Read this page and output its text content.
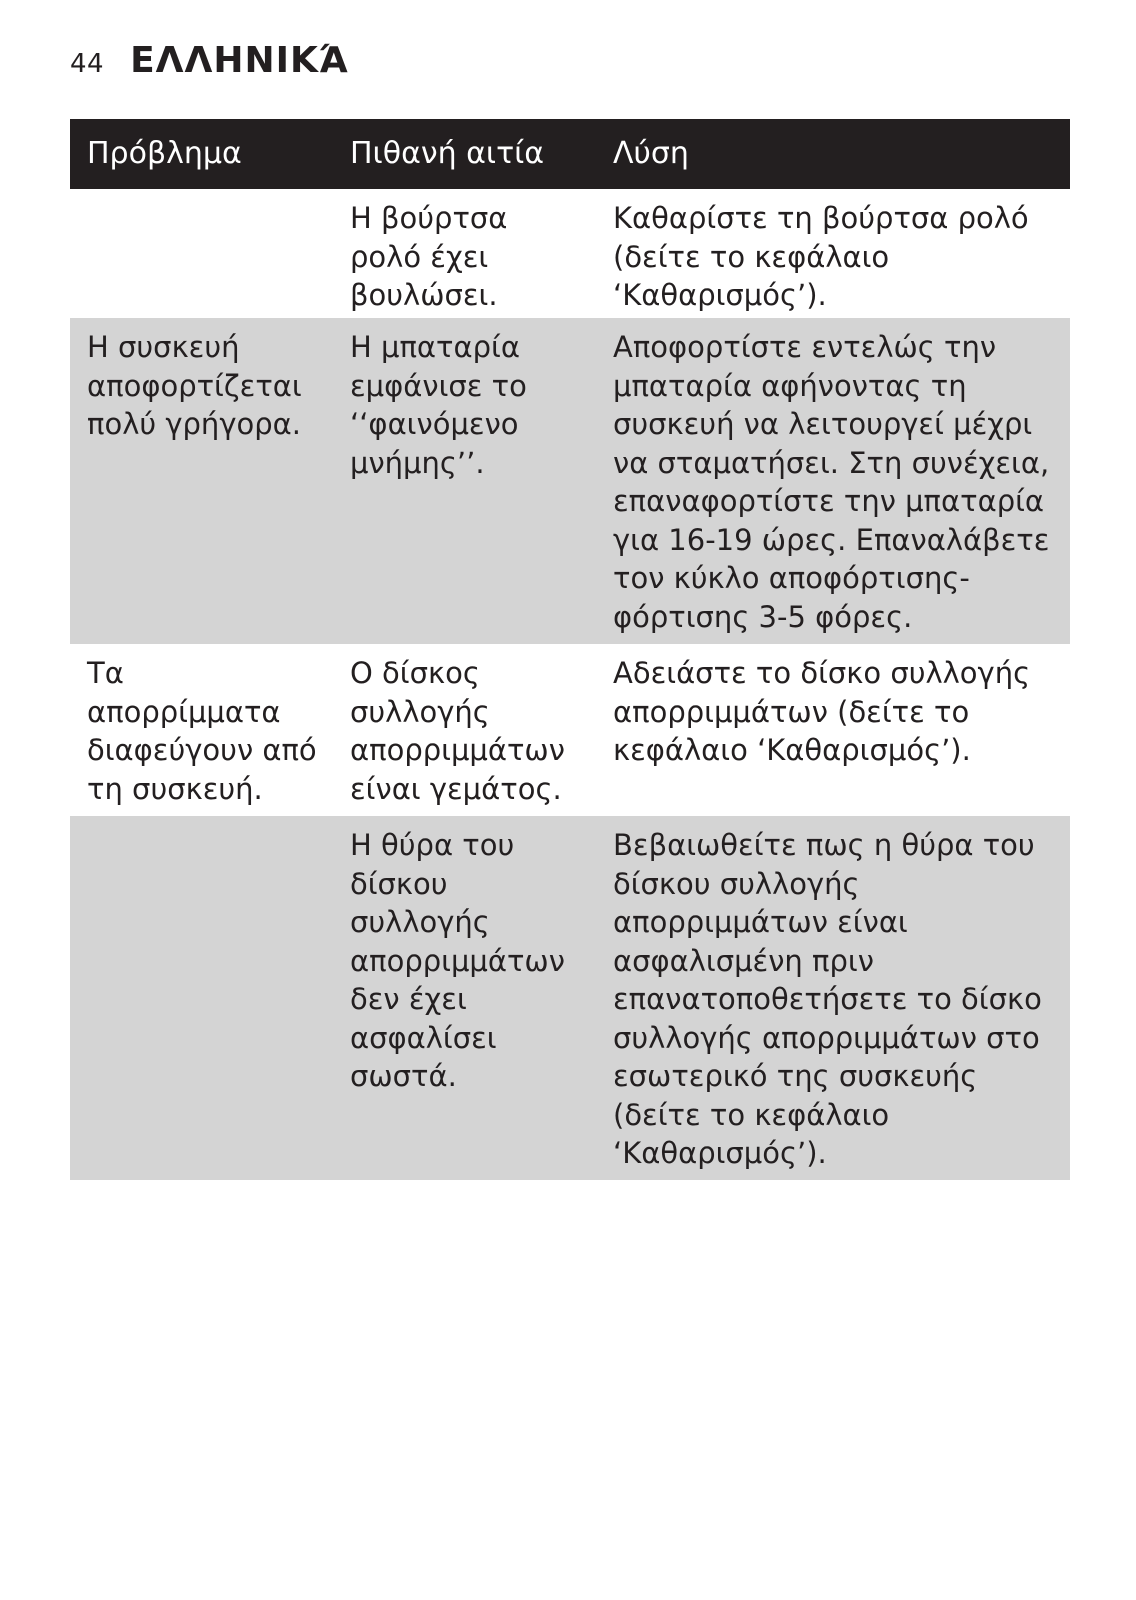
44 ΕΛΛΗΝΙΚΆ
Πρόβλημα	Πιθανή αιτία	Λύση
Η βούρτσα
ρολό έχει
βουλώσει.
Καθαρίστε τη βούρτσα ρολό
(δείτε το κεφάλαιο
‘Καθαρισμός’).
Η συσκευή
αποφορτίζεται
πολύ γρήγορα.
Η μπαταρία
εμφάνισε το
‘‘φαινόμενο
μνήμης’’.
Αποφορτίστε εντελώς την
μπαταρία αφήνοντας τη
συσκευή να λειτουργεί μέχρι
να σταματήσει. Στη συνέχεια,
επαναφορτίστε την μπαταρία
για 16-19 ώρες. Επαναλάβετε
τον κύκλο αποφόρτισης-
φόρτισης 3-5 φόρες.
Τα
απορρίμματα
διαφεύγουν από
τη συσκευή.
Ο δίσκος
συλλογής
απορριμμάτων
είναι γεμάτος.
Αδειάστε το δίσκο συλλογής
απορριμμάτων (δείτε το
κεφάλαιο ‘Καθαρισμός’).
Η θύρα του
δίσκου
συλλογής
απορριμμάτων
δεν έχει
ασφαλίσει
σωστά.
Βεβαιωθείτε πως η θύρα του
δίσκου συλλογής
απορριμμάτων είναι
ασφαλισμένη πριν
επανατοποθετήσετε το δίσκο
συλλογής απορριμμάτων στο
εσωτερικό της συσκευής
(δείτε το κεφάλαιο
‘Καθαρισμός’).
